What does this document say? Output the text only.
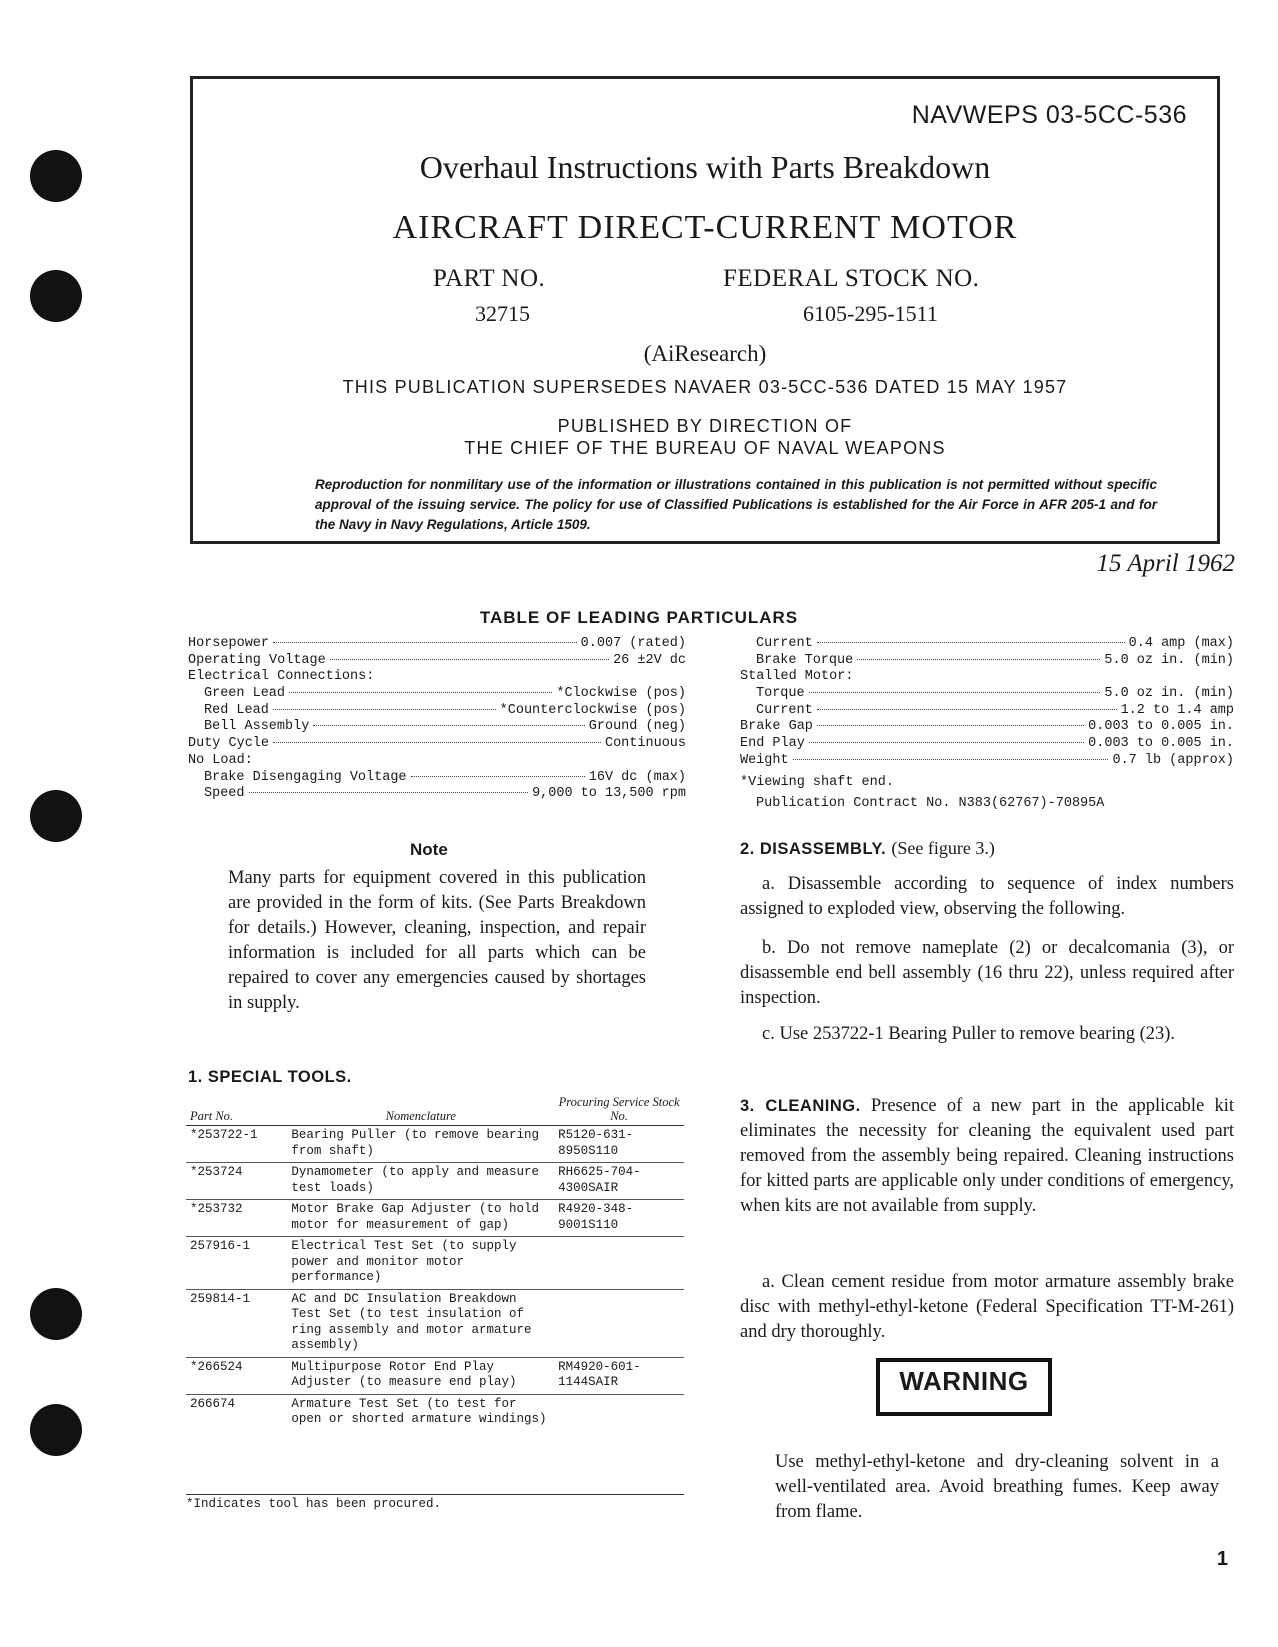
NAVWEPS 03-5CC-536
Overhaul Instructions with Parts Breakdown
AIRCRAFT DIRECT-CURRENT MOTOR
PART NO.	FEDERAL STOCK NO.
32715	6105-295-1511
(AiResearch)
THIS PUBLICATION SUPERSEDES NAVAER 03-5CC-536 DATED 15 MAY 1957
PUBLISHED BY DIRECTION OF
THE CHIEF OF THE BUREAU OF NAVAL WEAPONS
Reproduction for nonmilitary use of the information or illustrations contained in this publication is not permitted without specific approval of the issuing service. The policy for use of Classified Publications is established for the Air Force in AFR 205-1 and for the Navy in Navy Regulations, Article 1509.
15 April 1962
TABLE OF LEADING PARTICULARS
Horsepower	0.007 (rated)
Operating Voltage	26 ±2V dc
Electrical Connections:
Green Lead	*Clockwise (pos)
Red Lead	*Counterclockwise (pos)
Bell Assembly	Ground (neg)
Duty Cycle	Continuous
No Load:
Brake Disengaging Voltage	16V dc (max)
Speed	9,000 to 13,500 rpm
Current	0.4 amp (max)
Brake Torque	5.0 oz in. (min)
Stalled Motor:
Torque	5.0 oz in. (min)
Current	1.2 to 1.4 amp
Brake Gap	0.003 to 0.005 in.
End Play	0.003 to 0.005 in.
Weight	0.7 lb (approx)
*Viewing shaft end.
Publication Contract No. N383(62767)-70895A
Note
Many parts for equipment covered in this publication are provided in the form of kits. (See Parts Breakdown for details.) However, cleaning, inspection, and repair information is included for all parts which can be repaired to cover any emergencies caused by shortages in supply.
1. SPECIAL TOOLS.
Part No.	Nomenclature	Procuring Service Stock No.
*253722-1	Bearing Puller (to remove bearing from shaft)	R5120-631-8950S110
*253724	Dynamometer (to apply and measure test loads)	RH6625-704-4300SAIR
*253732	Motor Brake Gap Adjuster (to hold motor for measurement of gap)	R4920-348-9001S110
257916-1	Electrical Test Set (to supply power and monitor motor performance)	
259814-1	AC and DC Insulation Breakdown Test Set (to test insulation of ring assembly and motor armature assembly)	
*266524	Multipurpose Rotor End Play Adjuster (to measure end play)	RM4920-601-1144SAIR
266674	Armature Test Set (to test for open or shorted armature windings)	
*Indicates tool has been procured.
2. DISASSEMBLY. (See figure 3.)
a. Disassemble according to sequence of index numbers assigned to exploded view, observing the following.
b. Do not remove nameplate (2) or decalcomania (3), or disassemble end bell assembly (16 thru 22), unless required after inspection.
c. Use 253722-1 Bearing Puller to remove bearing (23).
3. CLEANING. Presence of a new part in the applicable kit eliminates the necessity for cleaning the equivalent used part removed from the assembly being repaired. Cleaning instructions for kitted parts are applicable only under conditions of emergency, when kits are not available from supply.
a. Clean cement residue from motor armature assembly brake disc with methyl-ethyl-ketone (Federal Specification TT-M-261) and dry thoroughly.
WARNING
Use methyl-ethyl-ketone and dry-cleaning solvent in a well-ventilated area. Avoid breathing fumes. Keep away from flame.
1
